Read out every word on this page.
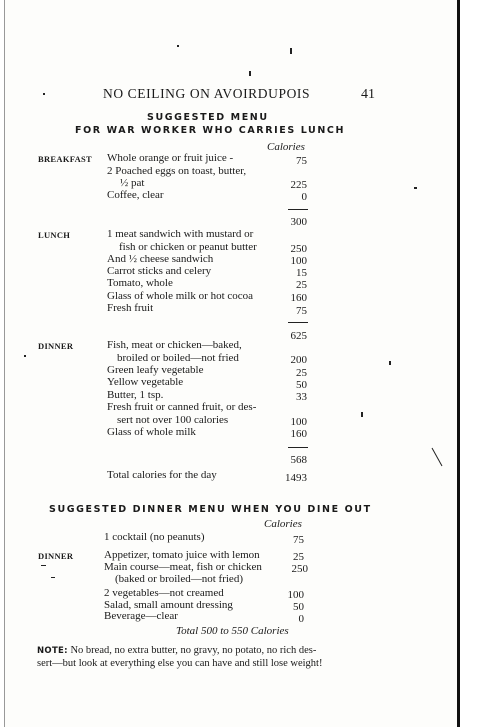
NO CEILING ON AVOIRDUPOIS	41
SUGGESTED MENU
FOR WAR WORKER WHO CARRIES LUNCH
Calories
BREAKFAST Whole orange or fruit juice -	75
2 Poached eggs on toast, butter,
½ pat	225
Coffee, clear	0
300
LUNCH	1 meat sandwich with mustard or
fish or chicken or peanut butter	250
And ½ cheese sandwich	100
Carrot sticks and celery	15
Tomato, whole	25
Glass of whole milk or hot cocoa	160
Fresh fruit	75
625
DINNER	Fish, meat or chicken—baked,
broiled or boiled—not fried	200
Green leafy vegetable	25
Yellow vegetable	50
Butter, 1 tsp.	33
Fresh fruit or canned fruit, or des-
sert not over 100 calories	100
Glass of whole milk	160
568
Total calories for the day	1493
SUGGESTED DINNER MENU WHEN YOU DINE OUT
Calories
1 cocktail (no peanuts)	75
DINNER	Appetizer, tomato juice with lemon	25
Main course—meat, fish or chicken	250
(baked or broiled—not fried)
2 vegetables—not creamed	100
Salad, small amount dressing	50
Beverage—clear	0
Total 500 to 550 Calories
NOTE: No bread, no extra butter, no gravy, no potato, no rich des-
sert—but look at everything else you can have and still lose weight!
